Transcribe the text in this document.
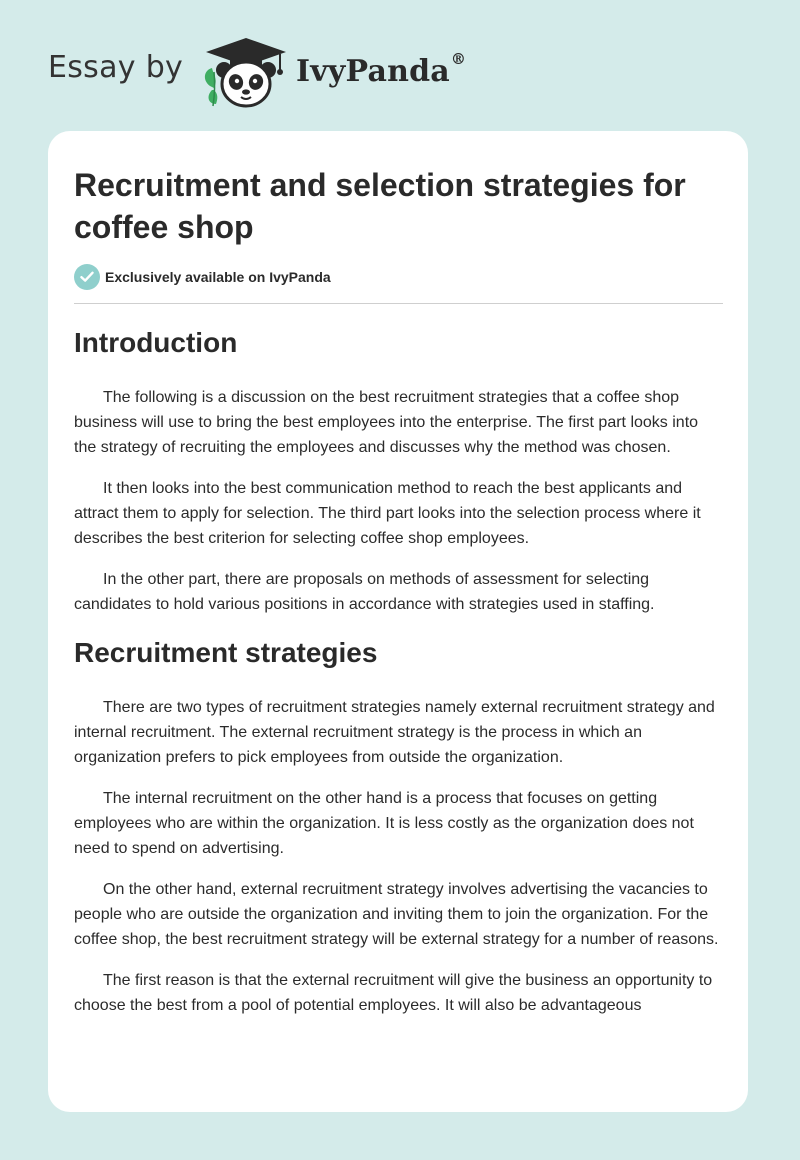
Essay by	IvyPanda®
Recruitment and selection strategies for coffee shop
Exclusively available on IvyPanda
Introduction

The following is a discussion on the best recruitment strategies that a coffee shop business will use to bring the best employees into the enterprise. The first part looks into the strategy of recruiting the employees and discusses why the method was chosen.

It then looks into the best communication method to reach the best applicants and attract them to apply for selection. The third part looks into the selection process where it describes the best criterion for selecting coffee shop employees.

In the other part, there are proposals on methods of assessment for selecting candidates to hold various positions in accordance with strategies used in staffing.

Recruitment strategies

There are two types of recruitment strategies namely external recruitment strategy and internal recruitment. The external recruitment strategy is the process in which an organization prefers to pick employees from outside the organization.

The internal recruitment on the other hand is a process that focuses on getting employees who are within the organization. It is less costly as the organization does not need to spend on advertising.

On the other hand, external recruitment strategy involves advertising the vacancies to people who are outside the organization and inviting them to join the organization. For the coffee shop, the best recruitment strategy will be external strategy for a number of reasons.

The first reason is that the external recruitment will give the business an opportunity to choose the best from a pool of potential employees. It will also be advantageous
